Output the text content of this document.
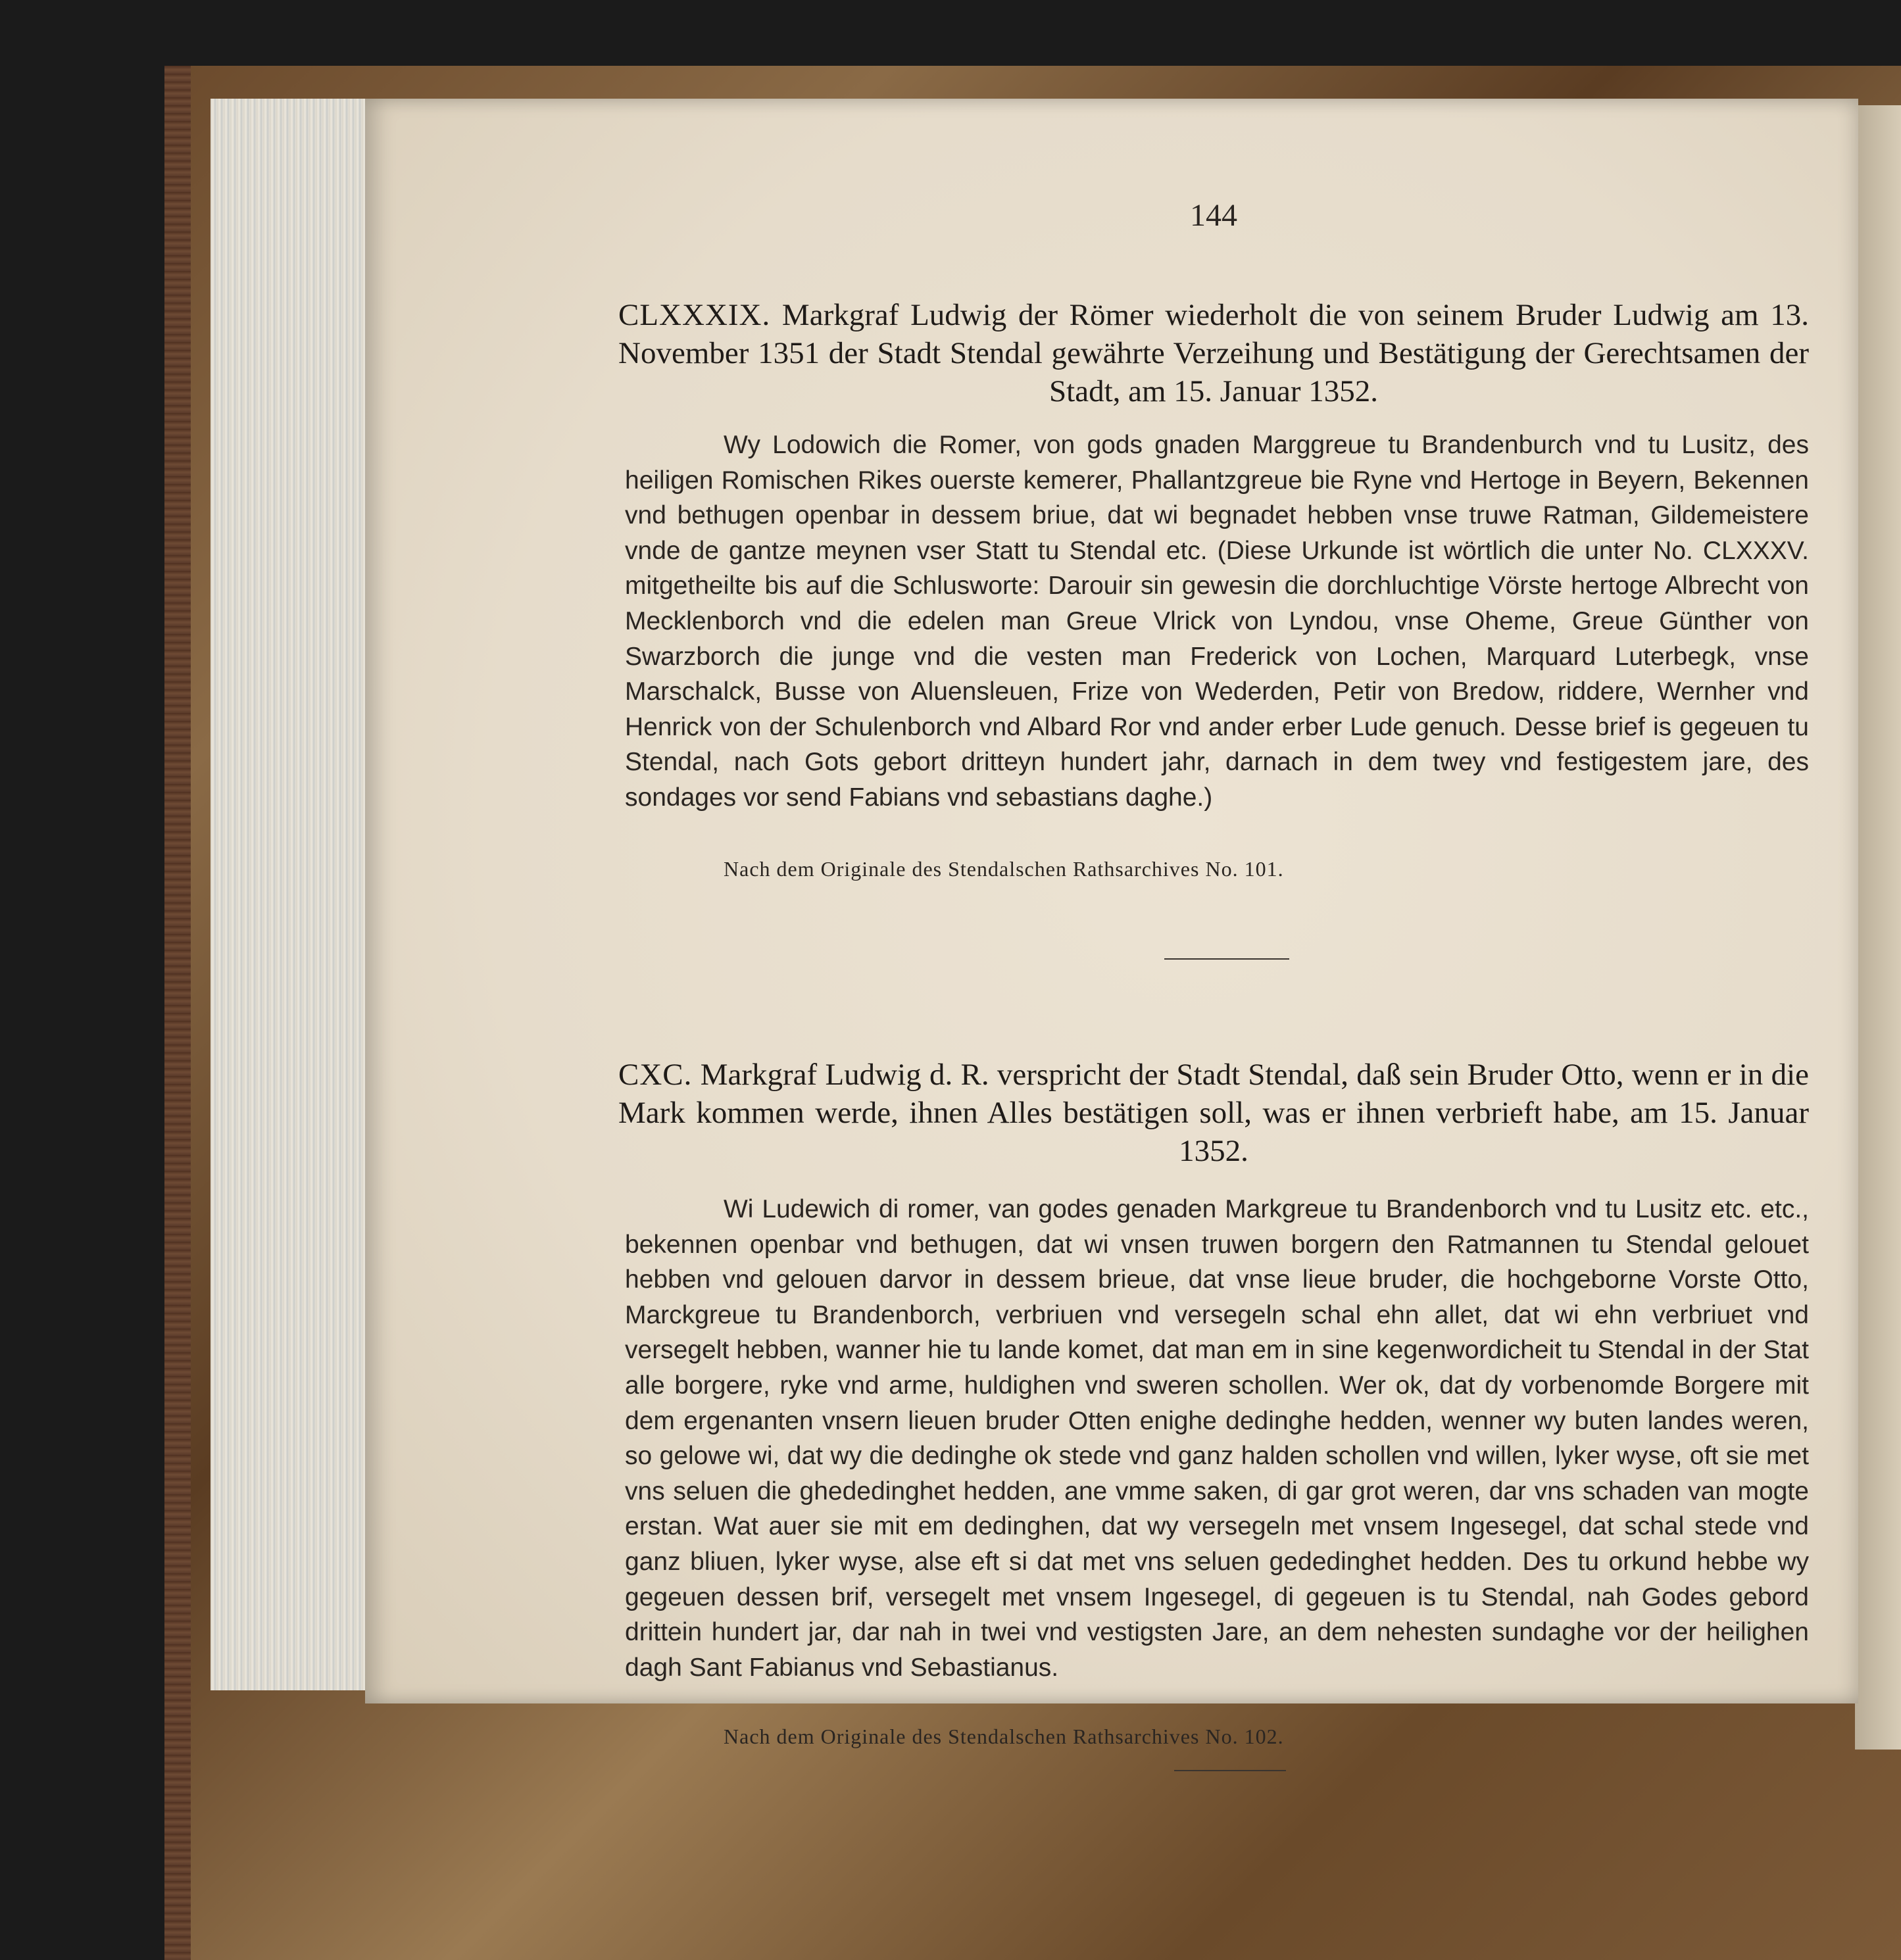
144
CLXXXIX. Markgraf Ludwig der Römer wiederholt die von seinem Bruder Ludwig am 13. November 1351 der Stadt Stendal gewährte Verzeihung und Bestätigung der Gerechtsamen der Stadt, am 15. Januar 1352.
Wy Lodowich die Romer, von gods gnaden Marggreue tu Brandenburch vnd tu Lusitz, des heiligen Romischen Rikes ouerste kemerer, Phallantzgreue bie Ryne vnd Hertoge in Beyern, Bekennen vnd bethugen openbar in dessem briue, dat wi begnadet hebben vnse truwe Ratman, Gildemeistere vnde de gantze meynen vser Statt tu Stendal etc. (Diese Urkunde ist wörtlich die unter No. CLXXXV. mitgetheilte bis auf die Schlusworte: Darouir sin gewesin die dorchluchtige Vörste hertoge Albrecht von Mecklenborch vnd die edelen man Greue Vlrick von Lyndou, vnse Oheme, Greue Günther von Swarzborch die junge vnd die vesten man Frederick von Lochen, Marquard Luterbegk, vnse Marschalck, Busse von Aluensleuen, Frize von Wederden, Petir von Bredow, riddere, Wernher vnd Henrick von der Schulenborch vnd Albard Ror vnd ander erber Lude genuch. Desse brief is gegeuen tu Stendal, nach Gots gebort dritteyn hundert jahr, darnach in dem twey vnd festigestem jare, des sondages vor send Fabians vnd sebastians daghe.)
Nach dem Originale des Stendalschen Rathsarchives No. 101.
CXC. Markgraf Ludwig d. R. verspricht der Stadt Stendal, daß sein Bruder Otto, wenn er in die Mark kommen werde, ihnen Alles bestätigen soll, was er ihnen verbrieft habe, am 15. Januar 1352.
Wi Ludewich di romer, van godes genaden Markgreue tu Brandenborch vnd tu Lusitz etc. etc., bekennen openbar vnd bethugen, dat wi vnsen truwen borgern den Ratmannen tu Stendal gelouet hebben vnd gelouen darvor in dessem brieue, dat vnse lieue bruder, die hochgeborne Vorste Otto, Marckgreue tu Brandenborch, verbriuen vnd versegeln schal ehn allet, dat wi ehn verbriuet vnd versegelt hebben, wanner hie tu lande komet, dat man em in sine kegenwordicheit tu Stendal in der Stat alle borgere, ryke vnd arme, huldighen vnd sweren schollen. Wer ok, dat dy vorbenomde Borgere mit dem ergenanten vnsern lieuen bruder Otten enighe dedinghe hedden, wenner wy buten landes weren, so gelowe wi, dat wy die dedinghe ok stede vnd ganz halden schollen vnd willen, lyker wyse, oft sie met vns seluen die ghededinghet hedden, ane vmme saken, di gar grot weren, dar vns schaden van mogte erstan. Wat auer sie mit em dedinghen, dat wy versegeln met vnsem Ingesegel, dat schal stede vnd ganz bliuen, lyker wyse, alse eft si dat met vns seluen gededinghet hedden. Des tu orkund hebbe wy gegeuen dessen brif, versegelt met vnsem Ingesegel, di gegeuen is tu Stendal, nah Godes gebord drittein hundert jar, dar nah in twei vnd vestigsten Jare, an dem nehesten sundaghe vor der heilighen dagh Sant Fabianus vnd Sebastianus.
Nach dem Originale des Stendalschen Rathsarchives No. 102.
